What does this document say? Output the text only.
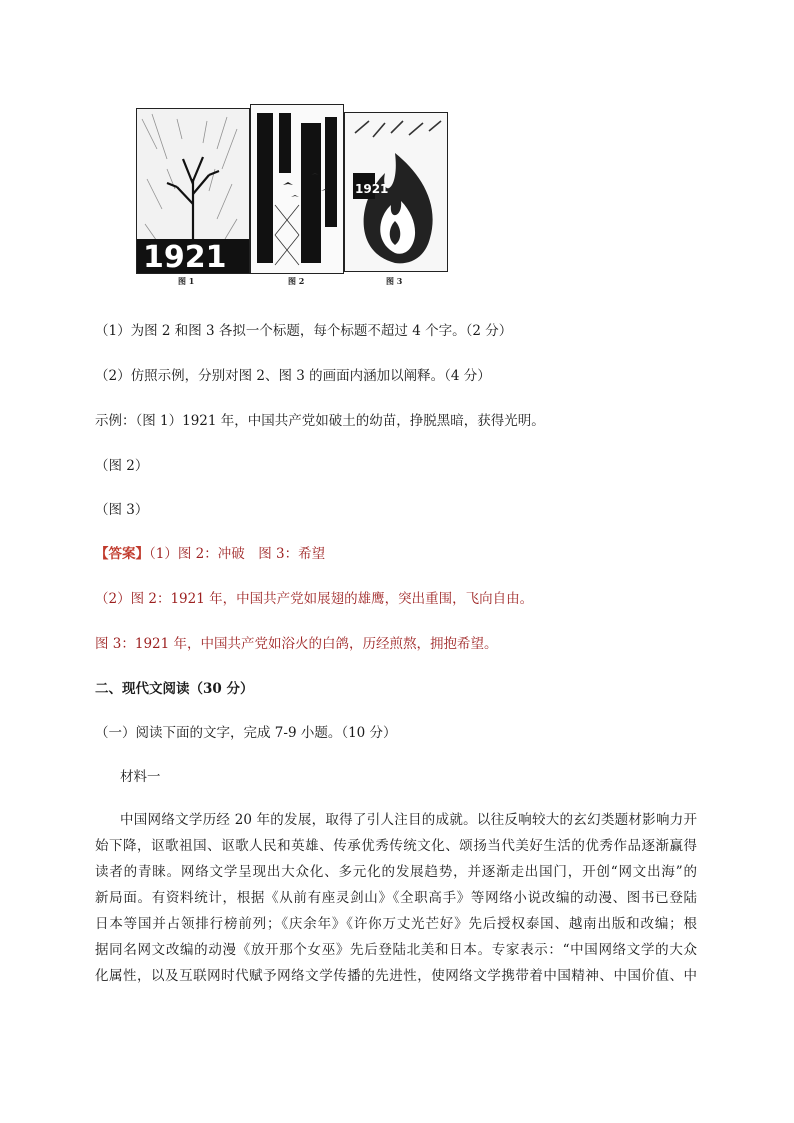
1921
1921
图 1	图 2	图 3
（1）为图 2 和图 3 各拟一个标题，每个标题不超过 4 个字。（2 分）
（2）仿照示例，分别对图 2、图 3 的画面内涵加以阐释。（4 分）
示例：（图 1）1921 年，中国共产党如破土的幼苗，挣脱黑暗，获得光明。
（图 2）
（图 3）
【答案】（1）图 2：冲破　图 3：希望
（2）图 2：1921 年，中国共产党如展翅的雄鹰，突出重围，飞向自由。
图 3：1921 年，中国共产党如浴火的白鸽，历经煎熬，拥抱希望。
二、现代文阅读（30 分）
（一）阅读下面的文字，完成 7-9 小题。（10 分）
材料一
中国网络文学历经 20 年的发展，取得了引人注目的成就。以往反响较大的玄幻类题材影响力开
始下降，讴歌祖国、讴歌人民和英雄、传承优秀传统文化、颂扬当代美好生活的优秀作品逐渐赢得
读者的青睐。网络文学呈现出大众化、多元化的发展趋势，并逐渐走出国门，开创“网文出海”的
新局面。有资料统计，根据《从前有座灵剑山》《全职高手》等网络小说改编的动漫、图书已登陆
日本等国并占领排行榜前列；《庆余年》《许你万丈光芒好》先后授权泰国、越南出版和改编；根
据同名网文改编的动漫《放开那个女巫》先后登陆北美和日本。专家表示：“中国网络文学的大众
化属性，以及互联网时代赋予网络文学传播的先进性，使网络文学携带着中国精神、中国价值、中
